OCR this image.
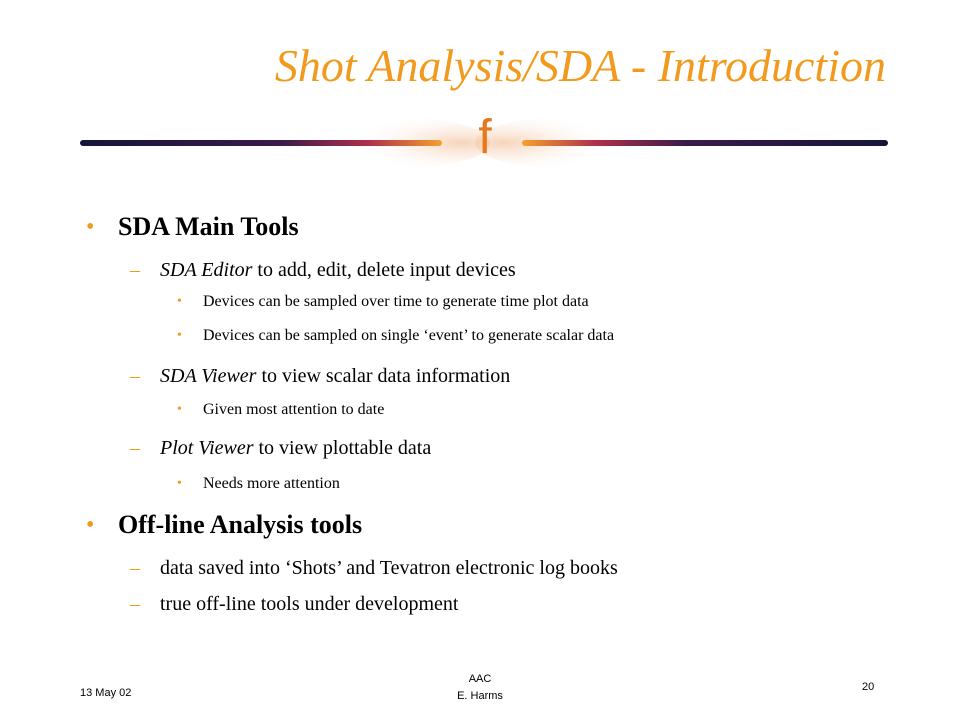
Shot Analysis/SDA - Introduction
f
• SDA Main Tools
– SDA Editor to add, edit, delete input devices
• Devices can be sampled over time to generate time plot data
• Devices can be sampled on single ‘event’ to generate scalar data
– SDA Viewer to view scalar data information
• Given most attention to date
– Plot Viewer to view plottable data
• Needs more attention
• Off-line Analysis tools
– data saved into ‘Shots’ and Tevatron electronic log books
– true off-line tools under development
13 May 02
AAC
E. Harms
20
